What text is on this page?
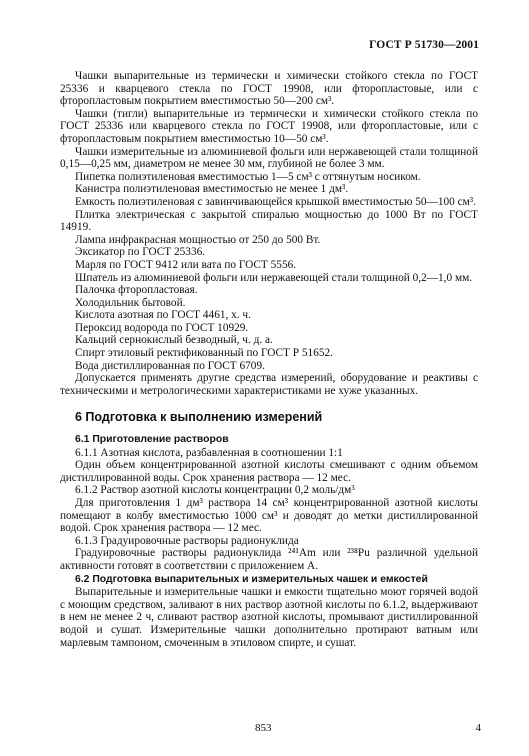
ГОСТ Р 51730—2001

Чашки выпарительные из термически и химически стойкого стекла по ГОСТ 25336 и кварцевого стекла по ГОСТ 19908, или фторопластовые, или с фторопластовым покрытием вместимостью 50—200 см³.

Чашки (тигли) выпарительные из термически и химически стойкого стекла по ГОСТ 25336 или кварцевого стекла по ГОСТ 19908, или фторопластовые, или с фторопластовым покрытием вместимостью 10—50 см³.

Чашки измерительные из алюминиевой фольги или нержавеющей стали толщиной 0,15—0,25 мм, диаметром не менее 30 мм, глубиной не более 3 мм.

Пипетка полиэтиленовая вместимостью 1—5 см³ с оттянутым носиком.

Канистра полиэтиленовая вместимостью не менее 1 дм³.

Емкость полиэтиленовая с завинчивающейся крышкой вместимостью 50—100 см³.

Плитка электрическая с закрытой спиралью мощностью до 1000 Вт по ГОСТ 14919.

Лампа инфракрасная мощностью от 250 до 500 Вт.

Эксикатор по ГОСТ 25336.

Марля по ГОСТ 9412 или вата по ГОСТ 5556.

Шпатель из алюминиевой фольги или нержавеющей стали толщиной 0,2—1,0 мм.

Палочка фторопластовая.

Холодильник бытовой.

Кислота азотная по ГОСТ 4461, х. ч.

Пероксид водорода по ГОСТ 10929.

Кальций сернокислый безводный, ч. д. а.

Спирт этиловый ректификованный по ГОСТ Р 51652.

Вода дистиллированная по ГОСТ 6709.

Допускается применять другие средства измерений, оборудование и реактивы с техническими и метрологическими характеристиками не хуже указанных.

6 Подготовка к выполнению измерений

6.1 Приготовление растворов

6.1.1 Азотная кислота, разбавленная в соотношении 1:1

Один объем концентрированной азотной кислоты смешивают с одним объемом дистиллированной воды. Срок хранения раствора — 12 мес.

6.1.2 Раствор азотной кислоты концентрации 0,2 моль/дм³

Для приготовления 1 дм³ раствора 14 см³ концентрированной азотной кислоты помещают в колбу вместимостью 1000 см³ и доводят до метки дистиллированной водой. Срок хранения раствора — 12 мес.

6.1.3 Градуировочные растворы радионуклида

Градуировочные растворы радионуклида ²⁴¹Am или ²³⁸Pu различной удельной активности готовят в соответствии с приложением А.

6.2 Подготовка выпарительных и измерительных чашек и емкостей

Выпарительные и измерительные чашки и емкости тщательно моют горячей водой с моющим средством, заливают в них раствор азотной кислоты по 6.1.2, выдерживают в нем не менее 2 ч, сливают раствор азотной кислоты, промывают дистиллированной водой и сушат. Измерительные чашки дополнительно протирают ватным или марлевым тампоном, смоченным в этиловом спирте, и сушат.

853	4
